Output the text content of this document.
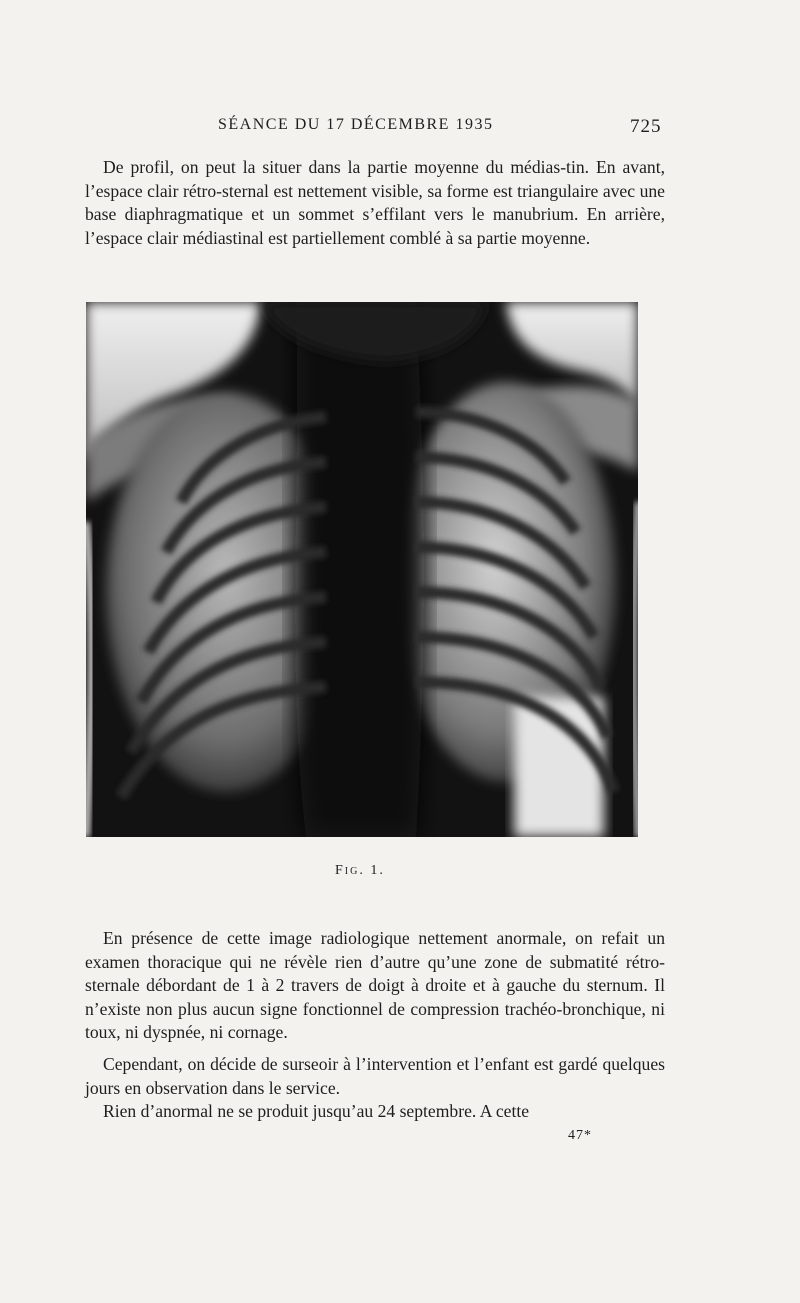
SÉANCE DU 17 DÉCEMBRE 1935	725

De profil, on peut la situer dans la partie moyenne du médias-tin. En avant, l’espace clair rétro-sternal est nettement visible, sa forme est triangulaire avec une base diaphragmatique et un sommet s’effilant vers le manubrium. En arrière, l’espace clair médiastinal est partiellement comblé à sa partie moyenne.

Fig. 1.

En présence de cette image radiologique nettement anormale, on refait un examen thoracique qui ne révèle rien d’autre qu’une zone de submatité rétro-sternale débordant de 1 à 2 travers de doigt à droite et à gauche du sternum. Il n’existe non plus aucun signe fonctionnel de compression trachéo-bronchique, ni toux, ni dyspnée, ni cornage.

Cependant, on décide de surseoir à l’intervention et l’enfant est gardé quelques jours en observation dans le service.

Rien d’anormal ne se produit jusqu’au 24 septembre. A cette

47*
